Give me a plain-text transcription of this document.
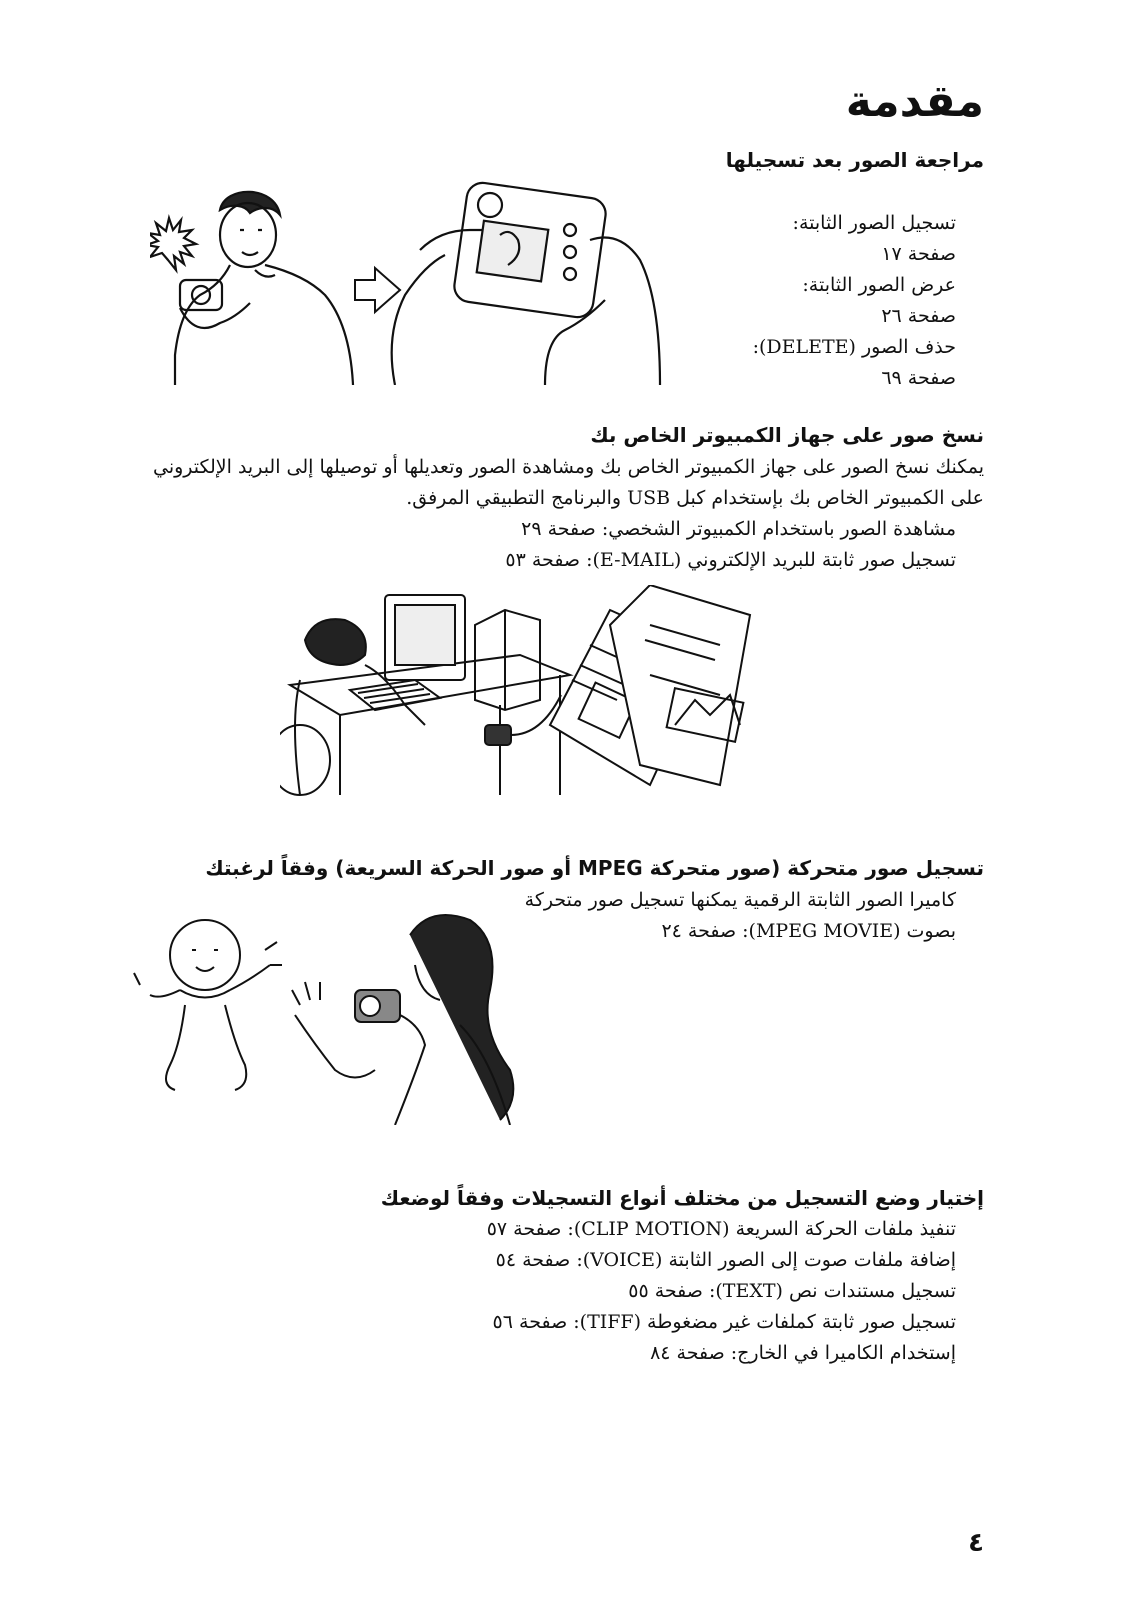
مقدمة
مراجعة الصور بعد تسجيلها
تسجيل الصور الثابتة:
صفحة ١٧
عرض الصور الثابتة:
صفحة ٢٦
حذف الصور (DELETE):
صفحة ٦٩
نسخ صور على جهاز الكمبيوتر الخاص بك
يمكنك نسخ الصور على جهاز الكمبيوتر الخاص بك ومشاهدة الصور وتعديلها أو توصيلها إلى البريد الإلكتروني
على الكمبيوتر الخاص بك بإستخدام كبل USB والبرنامج التطبيقي المرفق.
مشاهدة الصور باستخدام الكمبيوتر الشخصي: صفحة ٢٩
تسجيل صور ثابتة للبريد الإلكتروني (E-MAIL): صفحة ٥٣
تسجيل صور متحركة (صور متحركة MPEG أو صور الحركة السريعة) وفقاً لرغبتك
كاميرا الصور الثابتة الرقمية يمكنها تسجيل صور متحركة
بصوت (MPEG MOVIE): صفحة ٢٤
إختيار وضع التسجيل من مختلف أنواع التسجيلات وفقاً لوضعك
تنفيذ ملفات الحركة السريعة (CLIP MOTION): صفحة ٥٧
إضافة ملفات صوت إلى الصور الثابتة (VOICE): صفحة ٥٤
تسجيل مستندات نص (TEXT): صفحة ٥٥
تسجيل صور ثابتة كملفات غير مضغوطة (TIFF): صفحة ٥٦
إستخدام الكاميرا في الخارج: صفحة ٨٤
٤
